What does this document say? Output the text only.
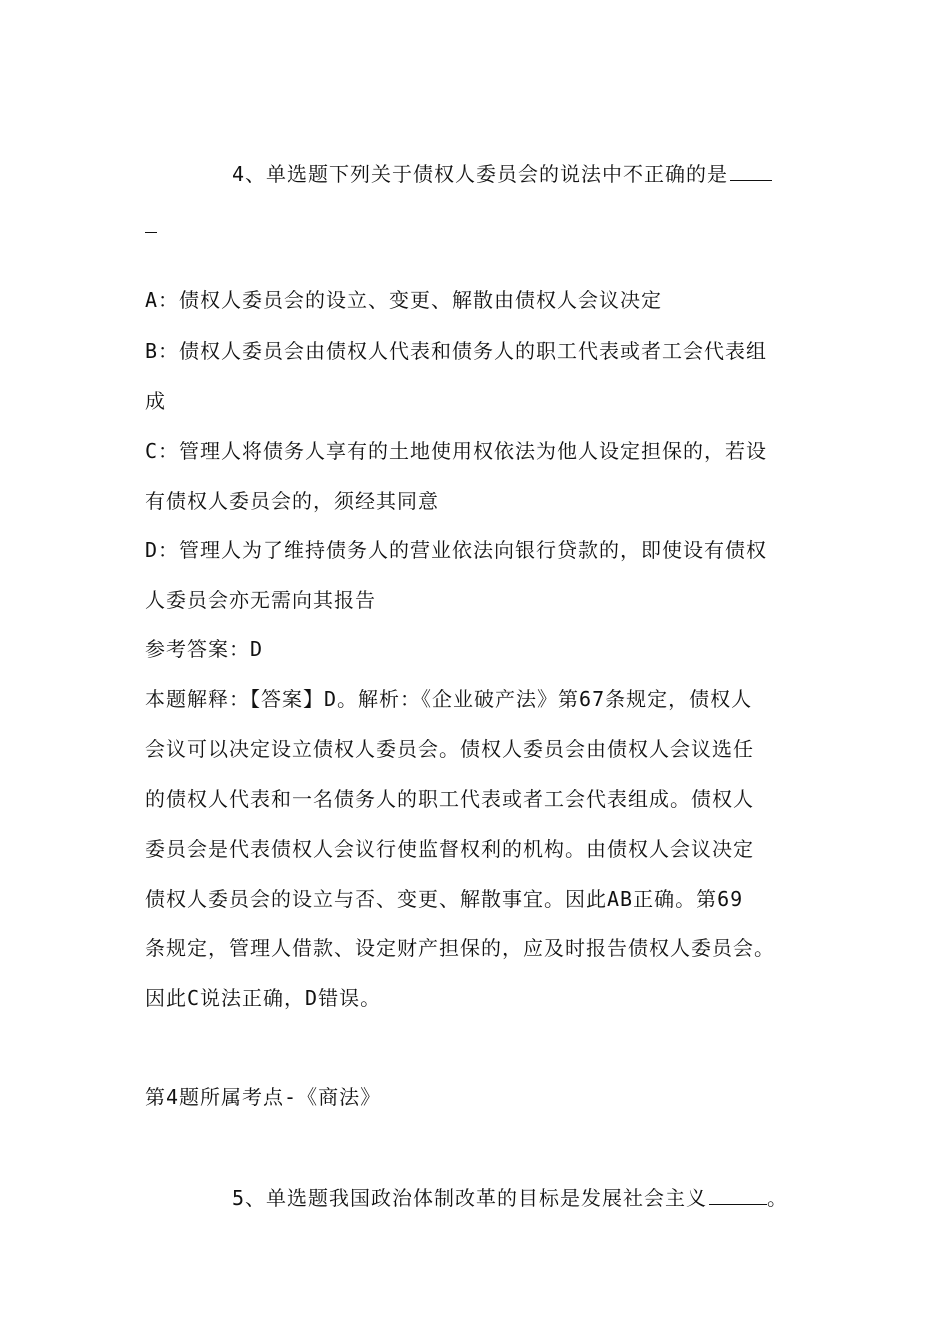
4、单选题下列关于债权人委员会的说法中不正确的是
A：债权人委员会的设立、变更、解散由债权人会议决定
B：债权人委员会由债权人代表和债务人的职工代表或者工会代表组
成
C：管理人将债务人享有的土地使用权依法为他人设定担保的，若设
有债权人委员会的，须经其同意
D：管理人为了维持债务人的营业依法向银行贷款的，即使设有债权
人委员会亦无需向其报告
参考答案：D
本题解释：【答案】D。解析：《企业破产法》第67条规定，债权人
会议可以决定设立债权人委员会。债权人委员会由债权人会议选任
的债权人代表和一名债务人的职工代表或者工会代表组成。债权人
委员会是代表债权人会议行使监督权利的机构。由债权人会议决定
债权人委员会的设立与否、变更、解散事宜。因此AB正确。第69
条规定，管理人借款、设定财产担保的，应及时报告债权人委员会。
因此C说法正确，D错误。
第4题所属考点-《商法》
5、单选题我国政治体制改革的目标是发展社会主义	。
